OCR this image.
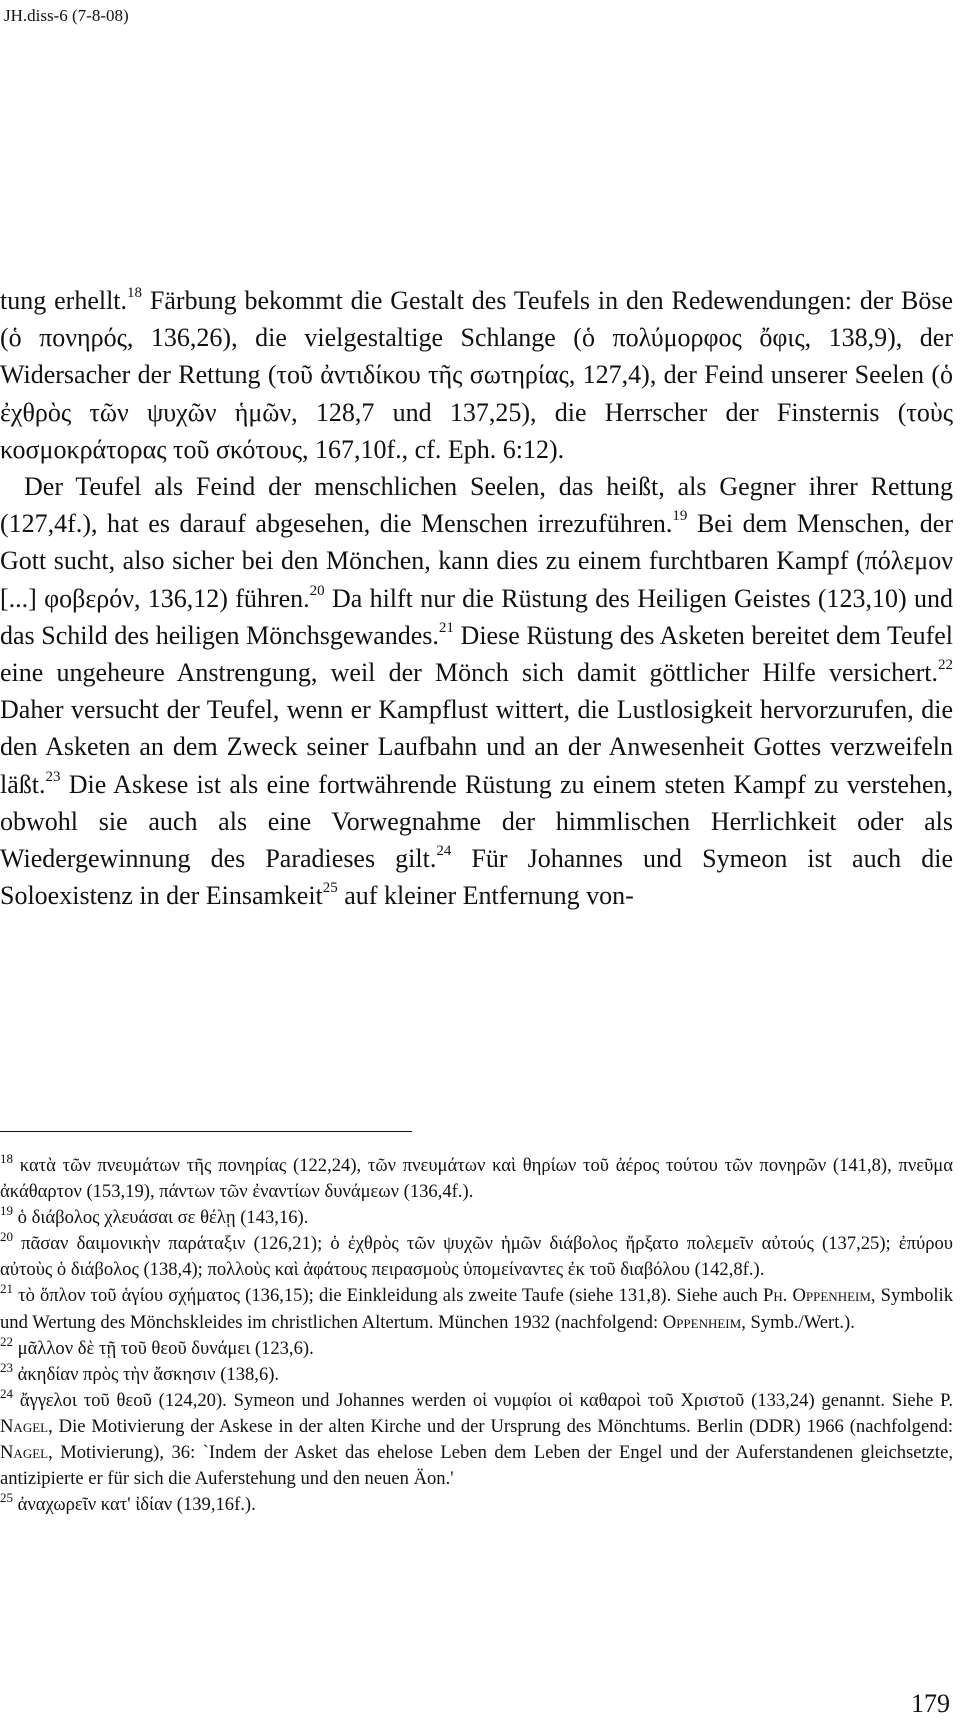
JH.diss-6 (7-8-08)
tung erhellt.$^{18}$ Färbung bekommt die Gestalt des Teufels in den Redewendungen: der Böse (ὁ πονηρός, 136,26), die vielgestaltige Schlange (ὁ πολύμορφος ὄφις, 138,9), der Widersacher der Rettung (τοῦ ἀντιδίκου τῆς σωτηρίας, 127,4), der Feind unserer Seelen (ὁ ἐχθρὸς τῶν ψυχῶν ἡμῶν, 128,7 und 137,25), die Herrscher der Finsternis (τοὺς κοσμοκράτορας τοῦ σκότους, 167,10f., cf. Eph. 6:12).
Der Teufel als Feind der menschlichen Seelen, das heißt, als Gegner ihrer Rettung (127,4f.), hat es darauf abgesehen, die Menschen irrezuführen.$^{19}$ Bei dem Menschen, der Gott sucht, also sicher bei den Mönchen, kann dies zu einem furchtbaren Kampf (πόλεμον [...] φοβερόν, 136,12) führen.$^{20}$ Da hilft nur die Rüstung des Heiligen Geistes (123,10) und das Schild des heiligen Mönchsgewandes.$^{21}$ Diese Rüstung des Asketen bereitet dem Teufel eine ungeheure Anstrengung, weil der Mönch sich damit göttlicher Hilfe versichert.$^{22}$ Daher versucht der Teufel, wenn er Kampflust wittert, die Lustlosigkeit hervorzurufen, die den Asketen an dem Zweck seiner Laufbahn und an der Anwesenheit Gottes verzweifeln läßt.$^{23}$ Die Askese ist als eine fortwährende Rüstung zu einem steten Kampf zu verstehen, obwohl sie auch als eine Vorwegnahme der himmlischen Herrlichkeit oder als Wiedergewinnung des Paradieses gilt.$^{24}$ Für Johannes und Symeon ist auch die Soloexistenz in der Einsamkeit$^{25}$ auf kleiner Entfernung von-
$^{18}$ κατὰ τῶν πνευμάτων τῆς πονηρίας (122,24), τῶν πνευμάτων καὶ θηρίων τοῦ ἀέρος τούτου τῶν πονηρῶν (141,8), πνεῦμα ἀκάθαρτον (153,19), πάντων τῶν ἐναντίων δυνάμεων (136,4f.).
$^{19}$ ὁ διάβολος χλευάσαι σε θέλῃ (143,16).
$^{20}$ πᾶσαν δαιμονικὴν παράταξιν (126,21); ὁ ἐχθρὸς τῶν ψυχῶν ἡμῶν διάβολος ἤρξατο πολεμεῖν αὐτούς (137,25); ἐπύρου αὐτοὺς ὁ διάβολος (138,4); πολλοὺς καὶ ἀφάτους πειρασμοὺς ὑπομείναντες ἐκ τοῦ διαβόλου (142,8f.).
$^{21}$ τὸ ὅπλον τοῦ ἁγίου σχήματος (136,15); die Einkleidung als zweite Taufe (siehe 131,8). Siehe auch Ph. Oppenheim, Symbolik und Wertung des Mönchskleides im christlichen Altertum. München 1932 (nachfolgend: Oppenheim, Symb./Wert.).
$^{22}$ μᾶλλον δὲ τῇ τοῦ θεοῦ δυνάμει (123,6).
$^{23}$ ἀκηδίαν πρὸς τὴν ἄσκησιν (138,6).
$^{24}$ ἄγγελοι τοῦ θεοῦ (124,20). Symeon und Johannes werden οἱ νυμφίοι οἱ καθαροὶ τοῦ Χριστοῦ (133,24) genannt. Siehe P. Nagel, Die Motivierung der Askese in der alten Kirche und der Ursprung des Mönchtums. Berlin (DDR) 1966 (nachfolgend: Nagel, Motivierung), 36: `Indem der Asket das ehelose Leben dem Leben der Engel und der Auferstandenen gleichsetzte, antizipierte er für sich die Auferstehung und den neuen Äon.'
$^{25}$ ἀναχωρεῖν κατ' ἰδίαν (139,16f.).
179
